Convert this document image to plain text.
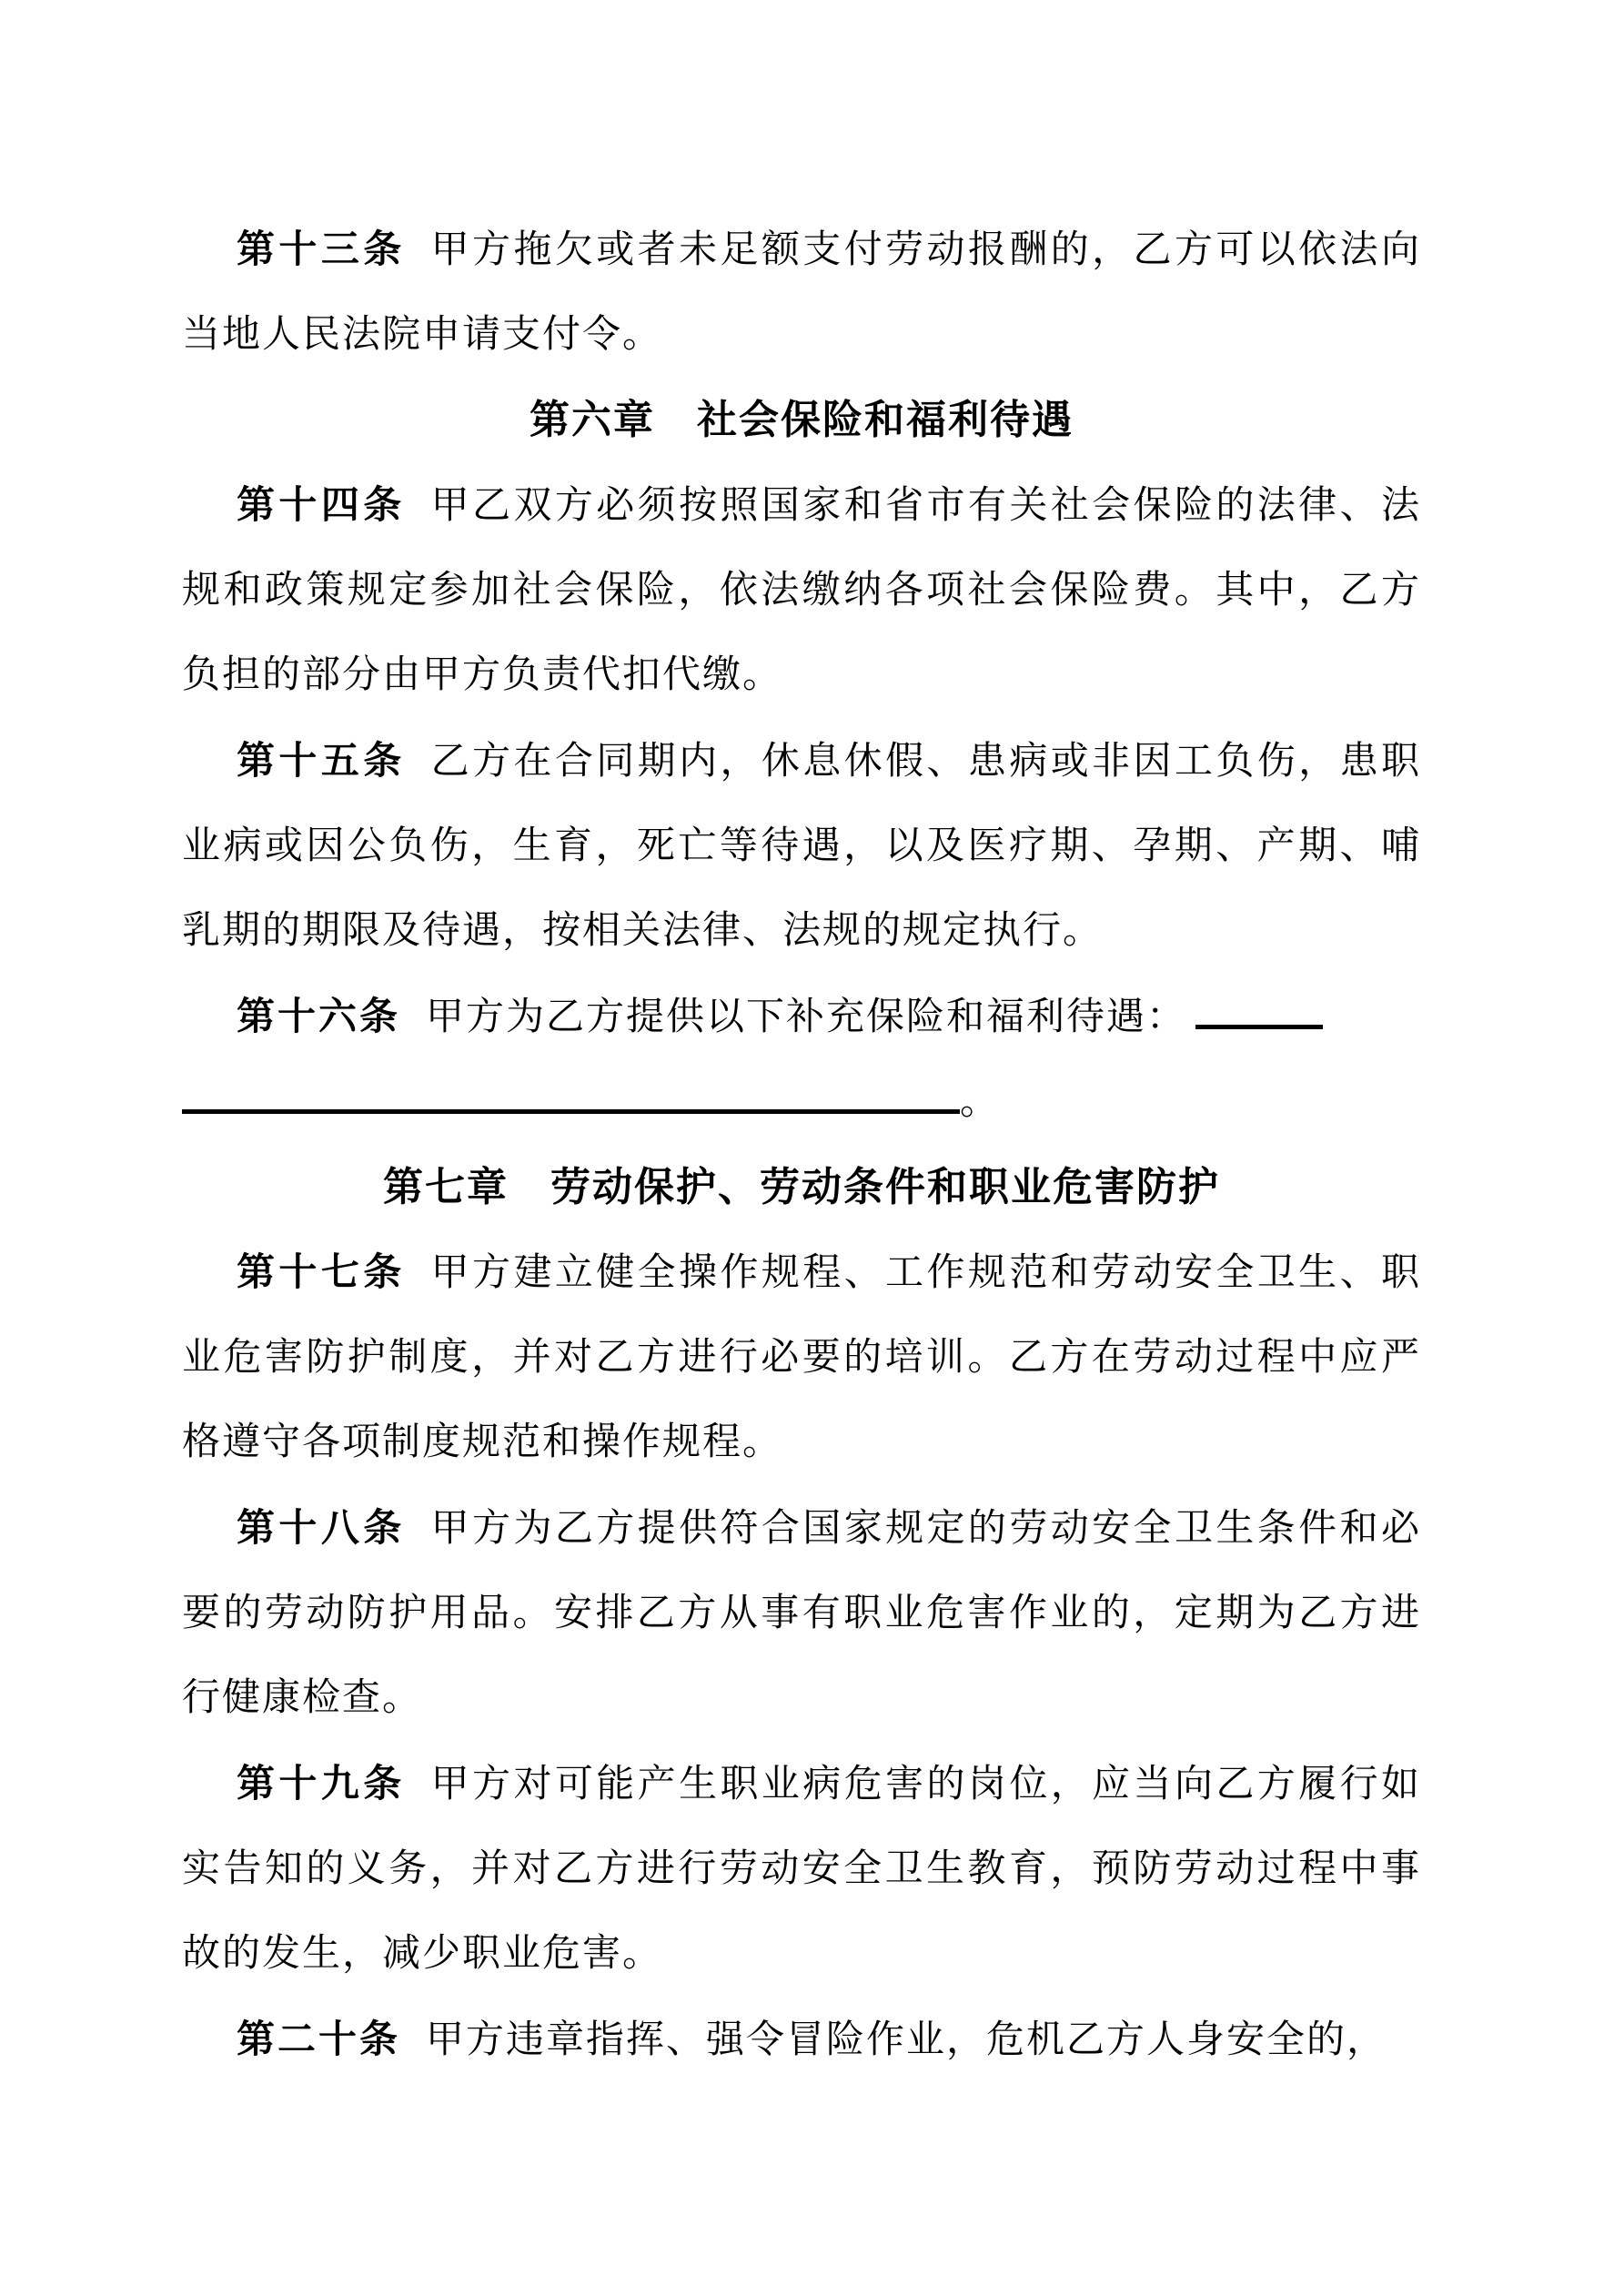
第十三条 甲方拖欠或者未足额支付劳动报酬的，乙方可以依法向当地人民法院申请支付令。

第六章　社会保险和福利待遇

第十四条 甲乙双方必须按照国家和省市有关社会保险的法律、法规和政策规定参加社会保险，依法缴纳各项社会保险费。其中，乙方负担的部分由甲方负责代扣代缴。

第十五条 乙方在合同期内，休息休假、患病或非因工负伤，患职业病或因公负伤，生育，死亡等待遇，以及医疗期、孕期、产期、哺乳期的期限及待遇，按相关法律、法规的规定执行。

第十六条 甲方为乙方提供以下补充保险和福利待遇：
。

第七章　劳动保护、劳动条件和职业危害防护

第十七条 甲方建立健全操作规程、工作规范和劳动安全卫生、职业危害防护制度，并对乙方进行必要的培训。乙方在劳动过程中应严格遵守各项制度规范和操作规程。

第十八条 甲方为乙方提供符合国家规定的劳动安全卫生条件和必要的劳动防护用品。安排乙方从事有职业危害作业的，定期为乙方进行健康检查。

第十九条 甲方对可能产生职业病危害的岗位，应当向乙方履行如实告知的义务，并对乙方进行劳动安全卫生教育，预防劳动过程中事故的发生，减少职业危害。

第二十条 甲方违章指挥、强令冒险作业，危机乙方人身安全的，
